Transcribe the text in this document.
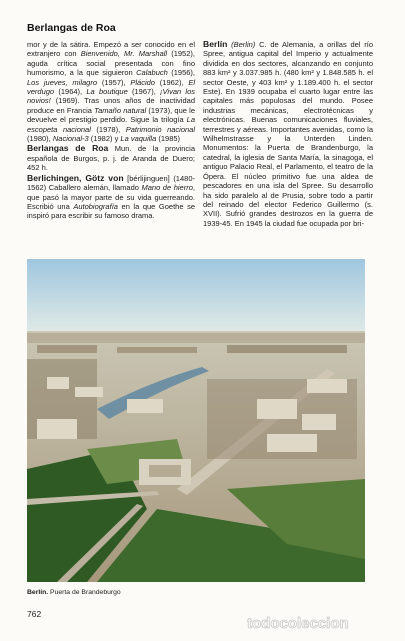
Berlangas de Roa

mor y de la sátira. Empezó a ser conocido en el extranjero con Bienvenido, Mr. Marshall (1952), aguda crítica social presentada con fino humorismo, a la que siguieron Calabuch (1956), Los jueves, milagro (1957), Plácido (1962), El verdugo (1964), La boutique (1967), ¡Vivan los novios! (1969). Tras unos años de inactividad produce en Francia Tamaño natural (1973), que le devuelve el prestigio perdido. Sigue la trilogía La escopeta nacional (1978), Patrimonio nacional (1980), Nacional-3 (1982) y La vaquilla (1985)

Berlangas de Roa Mun. de la provincia española de Burgos, p. j. de Aranda de Duero; 452 h.

Berlichingen, Götz von [bérlijinguen] (1480-1562) Caballero alemán, llamado Mano de hierro, que pasó la mayor parte de su vida guerreando. Escribió una Autobiografía en la que Goethe se inspiró para escribir su famoso drama.

Berlín (Berlin) C. de Alemania, a orillas del río Spree, antigua capital del Imperio y actualmente dividida en dos sectores, alcanzando en conjunto 883 km² y 3.037.985 h. (480 km² y 1.848.585 h. el sector Oeste, y 403 km² y 1.189.400 h. el sector Este). En 1939 ocupaba el cuarto lugar entre las capitales más populosas del mundo. Posee industrias mecánicas, electrotécnicas y electrónicas. Buenas comunicaciones fluviales, terrestres y aéreas. Importantes avenidas, como la Wilhelmstrasse y la Unterden Linden. Monumentos: la Puerta de Brandenburgo, la catedral, la iglesia de Santa María, la sinagoga, el antiguo Palacio Real, el Parlamento, el teatro de la Ópera. El núcleo primitivo fue una aldea de pescadores en una isla del Spree. Su desarrollo ha sido paralelo al de Prusia, sobre todo a partir del reinado del elector Federico Guillermo (s. XVII). Sufrió grandes destrozos en la guerra de 1939-45. En 1945 la ciudad fue ocupada por bri-

Berlín. Puerta de Brandeburgo
762
todocoleccion
